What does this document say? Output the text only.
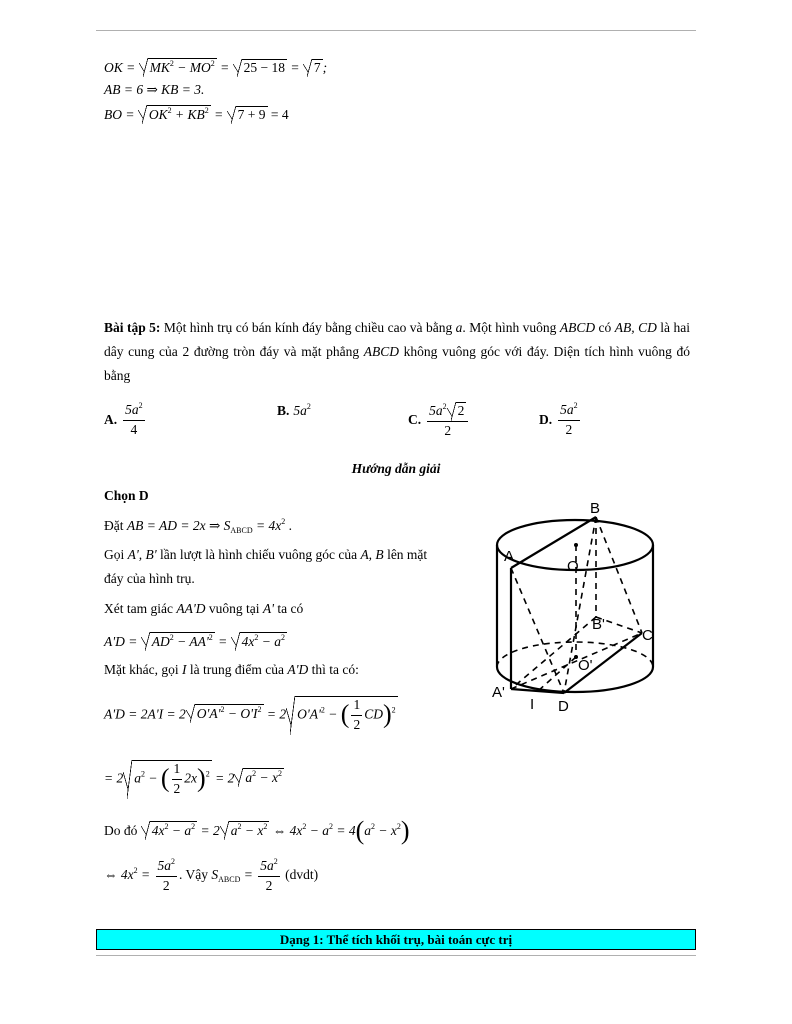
OK = $MK^2 - MO^2 = 25 - 18 = 7$ ;
AB = 6 ⇒ KB = 3.
BO = $OK^2 + KB^2 = 7 + 9 = 4$
Bài tập 5: Một hình trụ có bán kính đáy bằng chiều cao và bằng a. Một hình vuông ABCD có AB, CD là hai dây cung của 2 đường tròn đáy và mặt phẳng ABCD không vuông góc với đáy. Diện tích hình vuông đó bằng
A. $\frac{5a^2}{4}$	B. $5a^2$
C. $\frac{5a^2 2}{2}$	D. $\frac{5a^2}{2}$
Hướng dẫn giải
Chọn D
Đặt AB = AD = 2x ⇒ $S_{ABCD} = 4x^2$ .
Gọi A', B' lần lượt là hình chiếu vuông góc của A, B lên mặt
đáy của hình trụ.
Xét tam giác AA'D vuông tại A' ta có
$A'D = AD^2 - AA'^2 = 4x^2 - a^2$
Mặt khác, gọi I là trung điểm của A'D thì ta có:
A'D = 2A'I = 2 $O'A'^2 - O'I^2 = 2$ $O'A'^2$ − ( $\frac{1}{2} CD)^2$
= 2 $a^2$ − ( $\frac{1}{2} 2x)^2 = 2$ $a^2 - x^2$
Do đó $4x^2 - a^2 = 2$ $a^2 - x^2$ ⇔ $4x^2 - a^2 = 4(a^2 - x^2)$
⇔ $4x^2 = \frac{5a^2}{2}$ . Vậy $S_{ABCD} = \frac{5a^2}{2}$ (dvdt)
B
A
O
B'
C
O'
A'
I D
Dạng 1: Thể tích khối trụ, bài toán cực trị
